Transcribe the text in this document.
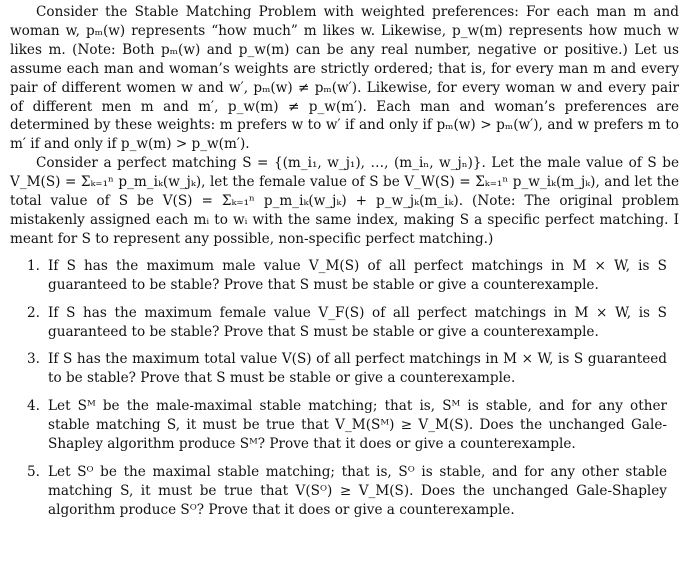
Consider the Stable Matching Problem with weighted preferences: For each man m and woman w, pₘ(w) represents “how much” m likes w. Likewise, p_w(m) represents how much w likes m. (Note: Both pₘ(w) and p_w(m) can be any real number, negative or positive.) Let us assume each man and woman’s weights are strictly ordered; that is, for every man m and every pair of different women w and w′, pₘ(w) ≠ pₘ(w′). Likewise, for every woman w and every pair of different men m and m′, p_w(m) ≠ p_w(m′). Each man and woman’s preferences are determined by these weights: m prefers w to w′ if and only if pₘ(w) > pₘ(w′), and w prefers m to m′ if and only if p_w(m) > p_w(m′).

Consider a perfect matching S = {(m_i₁, w_j₁), …, (m_iₙ, w_jₙ)}. Let the male value of S be V_M(S) = Σₖ₌₁ⁿ p_m_iₖ(w_jₖ), let the female value of S be V_W(S) = Σₖ₌₁ⁿ p_w_iₖ(m_jₖ), and let the total value of S be V(S) = Σₖ₌₁ⁿ p_m_iₖ(w_jₖ) + p_w_jₖ(m_iₖ). (Note: The original problem mistakenly assigned each mᵢ to wᵢ with the same index, making S a specific perfect matching. I meant for S to represent any possible, non-specific perfect matching.)

1. If S has the maximum male value V_M(S) of all perfect matchings in M × W, is S guaranteed to be stable? Prove that S must be stable or give a counterexample.
2. If S has the maximum female value V_F(S) of all perfect matchings in M × W, is S guaranteed to be stable? Prove that S must be stable or give a counterexample.
3. If S has the maximum total value V(S) of all perfect matchings in M × W, is S guaranteed to be stable? Prove that S must be stable or give a counterexample.
4. Let Sᴹ be the male-maximal stable matching; that is, Sᴹ is stable, and for any other stable matching S, it must be true that V_M(Sᴹ) ≥ V_M(S). Does the unchanged Gale-Shapley algorithm produce Sᴹ? Prove that it does or give a counterexample.
5. Let Sᴼ be the maximal stable matching; that is, Sᴼ is stable, and for any other stable matching S, it must be true that V(Sᴼ) ≥ V_M(S). Does the unchanged Gale-Shapley algorithm produce Sᴼ? Prove that it does or give a counterexample.
